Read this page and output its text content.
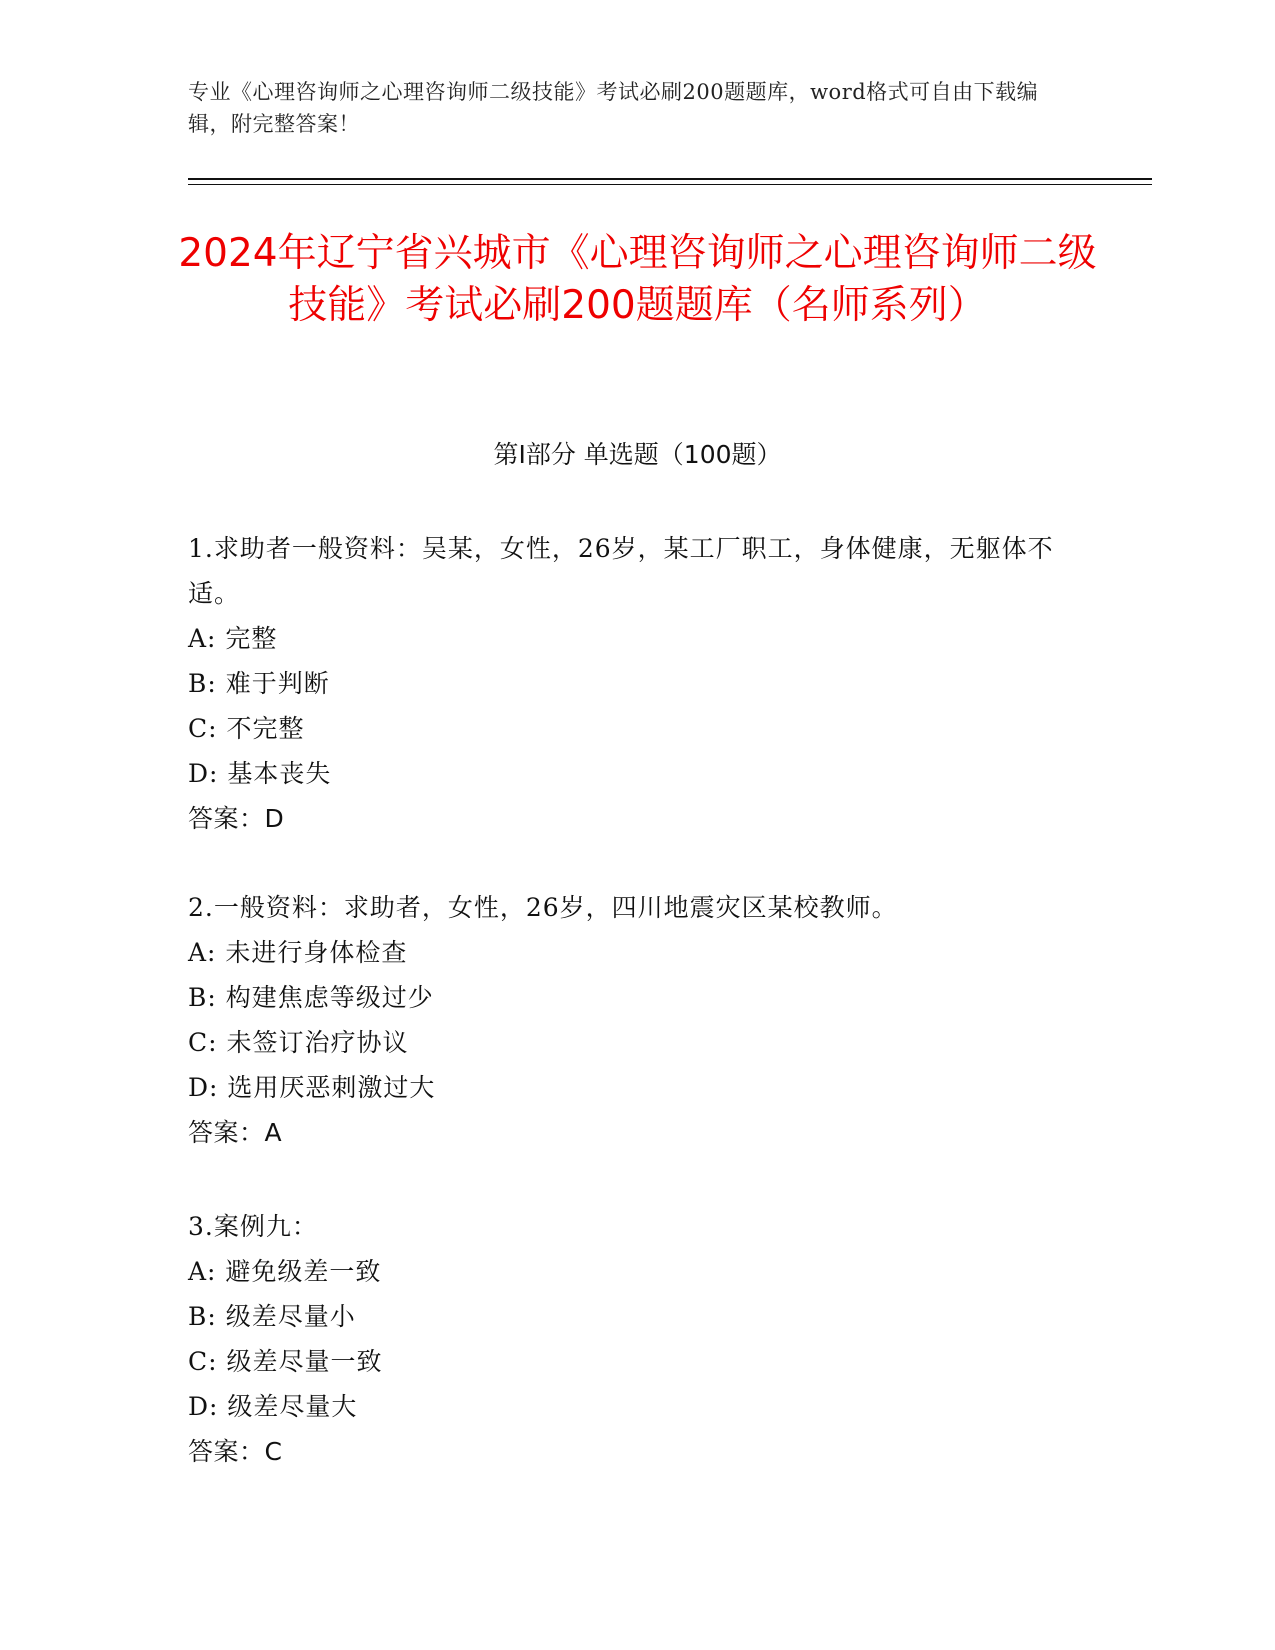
专业《心理咨询师之心理咨询师二级技能》考试必刷200题题库，word格式可自由下载编辑，附完整答案！
2024年辽宁省兴城市《心理咨询师之心理咨询师二级技能》考试必刷200题题库（名师系列）
第Ⅰ部分 单选题（100题）
1.求助者一般资料：吴某，女性，26岁，某工厂职工，身体健康，无躯体不适。
A: 完整
B: 难于判断
C: 不完整
D: 基本丧失
答案：D
2.一般资料：求助者，女性，26岁，四川地震灾区某校教师。
A: 未进行身体检查
B: 构建焦虑等级过少
C: 未签订治疗协议
D: 选用厌恶刺激过大
答案：A
3.案例九：
A: 避免级差一致
B: 级差尽量小
C: 级差尽量一致
D: 级差尽量大
答案：C
